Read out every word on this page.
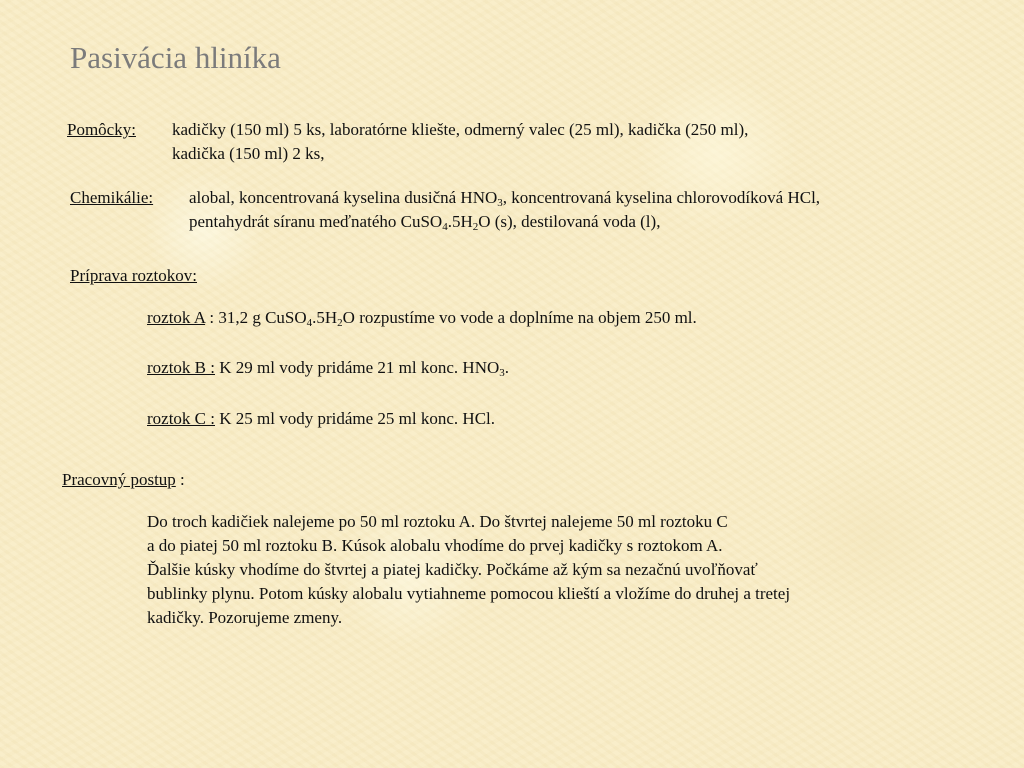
Pasivácia hliníka
Pomôcky: kadičky (150 ml) 5 ks, laboratórne kliešte, odmerný valec (25 ml), kadička (250 ml),
kadička (150 ml) 2 ks,
Chemikálie: alobal, koncentrovaná kyselina dusičná $HNO_3$, koncentrovaná kyselina chlorovodíková HCl,
pentahydrát síranu meďnatého $CuSO_4.5H_2O$ (s), destilovaná voda (l),
Príprava roztokov:
roztok A : 31,2 g $CuSO_4.5H_2O$ rozpustíme vo vode a doplníme na objem 250 ml.
roztok B : K 29 ml vody pridáme 21 ml konc. $HNO_3$.
roztok C : K 25 ml vody pridáme 25 ml konc. HCl.
Pracovný postup :
Do troch kadičiek nalejeme po 50 ml roztoku A. Do štvrtej nalejeme 50 ml roztoku C
a do piatej 50 ml roztoku B. Kúsok alobalu vhodíme do prvej kadičky s roztokom A.
Ďalšie kúsky vhodíme do štvrtej a piatej kadičky. Počkáme až kým sa nezačnú uvoľňovať
bublinky plynu. Potom kúsky alobalu vytiahneme pomocou klieští a vložíme do druhej a tretej
kadičky. Pozorujeme zmeny.
